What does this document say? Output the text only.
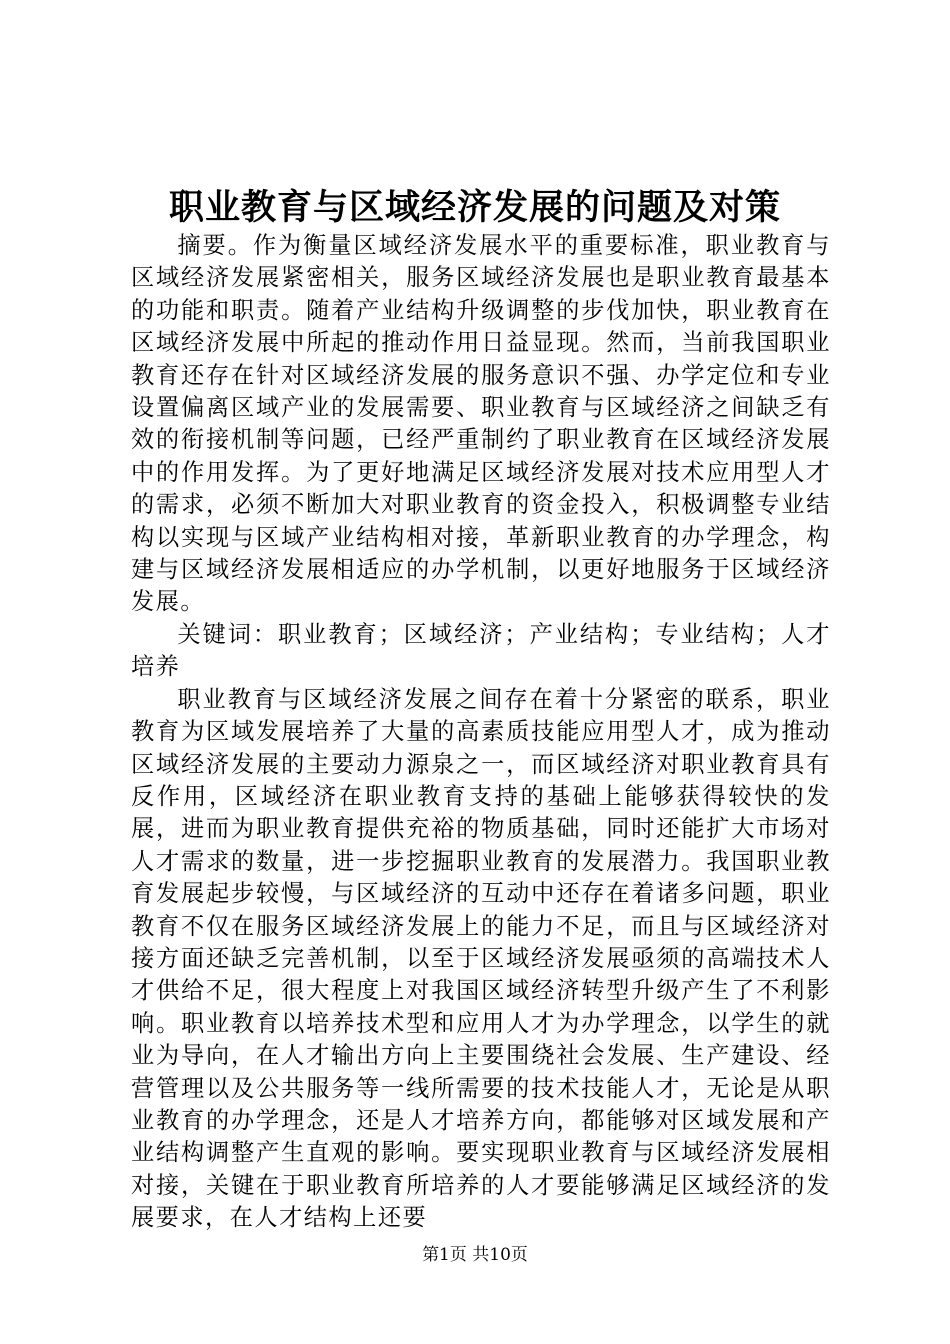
职业教育与区域经济发展的问题及对策

摘要。作为衡量区域经济发展水平的重要标准，职业教育与区域经济发展紧密相关，服务区域经济发展也是职业教育最基本的功能和职责。随着产业结构升级调整的步伐加快，职业教育在区域经济发展中所起的推动作用日益显现。然而，当前我国职业教育还存在针对区域经济发展的服务意识不强、办学定位和专业设置偏离区域产业的发展需要、职业教育与区域经济之间缺乏有效的衔接机制等问题，已经严重制约了职业教育在区域经济发展中的作用发挥。为了更好地满足区域经济发展对技术应用型人才的需求，必须不断加大对职业教育的资金投入，积极调整专业结构以实现与区域产业结构相对接，革新职业教育的办学理念，构建与区域经济发展相适应的办学机制，以更好地服务于区域经济发展。

关键词：职业教育；区域经济；产业结构；专业结构；人才培养

职业教育与区域经济发展之间存在着十分紧密的联系，职业教育为区域发展培养了大量的高素质技能应用型人才，成为推动区域经济发展的主要动力源泉之一，而区域经济对职业教育具有反作用，区域经济在职业教育支持的基础上能够获得较快的发展，进而为职业教育提供充裕的物质基础，同时还能扩大市场对人才需求的数量，进一步挖掘职业教育的发展潜力。我国职业教育发展起步较慢，与区域经济的互动中还存在着诸多问题，职业教育不仅在服务区域经济发展上的能力不足，而且与区域经济对接方面还缺乏完善机制，以至于区域经济发展亟须的高端技术人才供给不足，很大程度上对我国区域经济转型升级产生了不利影响。职业教育以培养技术型和应用人才为办学理念，以学生的就业为导向，在人才输出方向上主要围绕社会发展、生产建设、经营管理以及公共服务等一线所需要的技术技能人才，无论是从职业教育的办学理念，还是人才培养方向，都能够对区域发展和产业结构调整产生直观的影响。要实现职业教育与区域经济发展相对接，关键在于职业教育所培养的人才要能够满足区域经济的发展要求，在人才结构上还要

第1页 共10页
